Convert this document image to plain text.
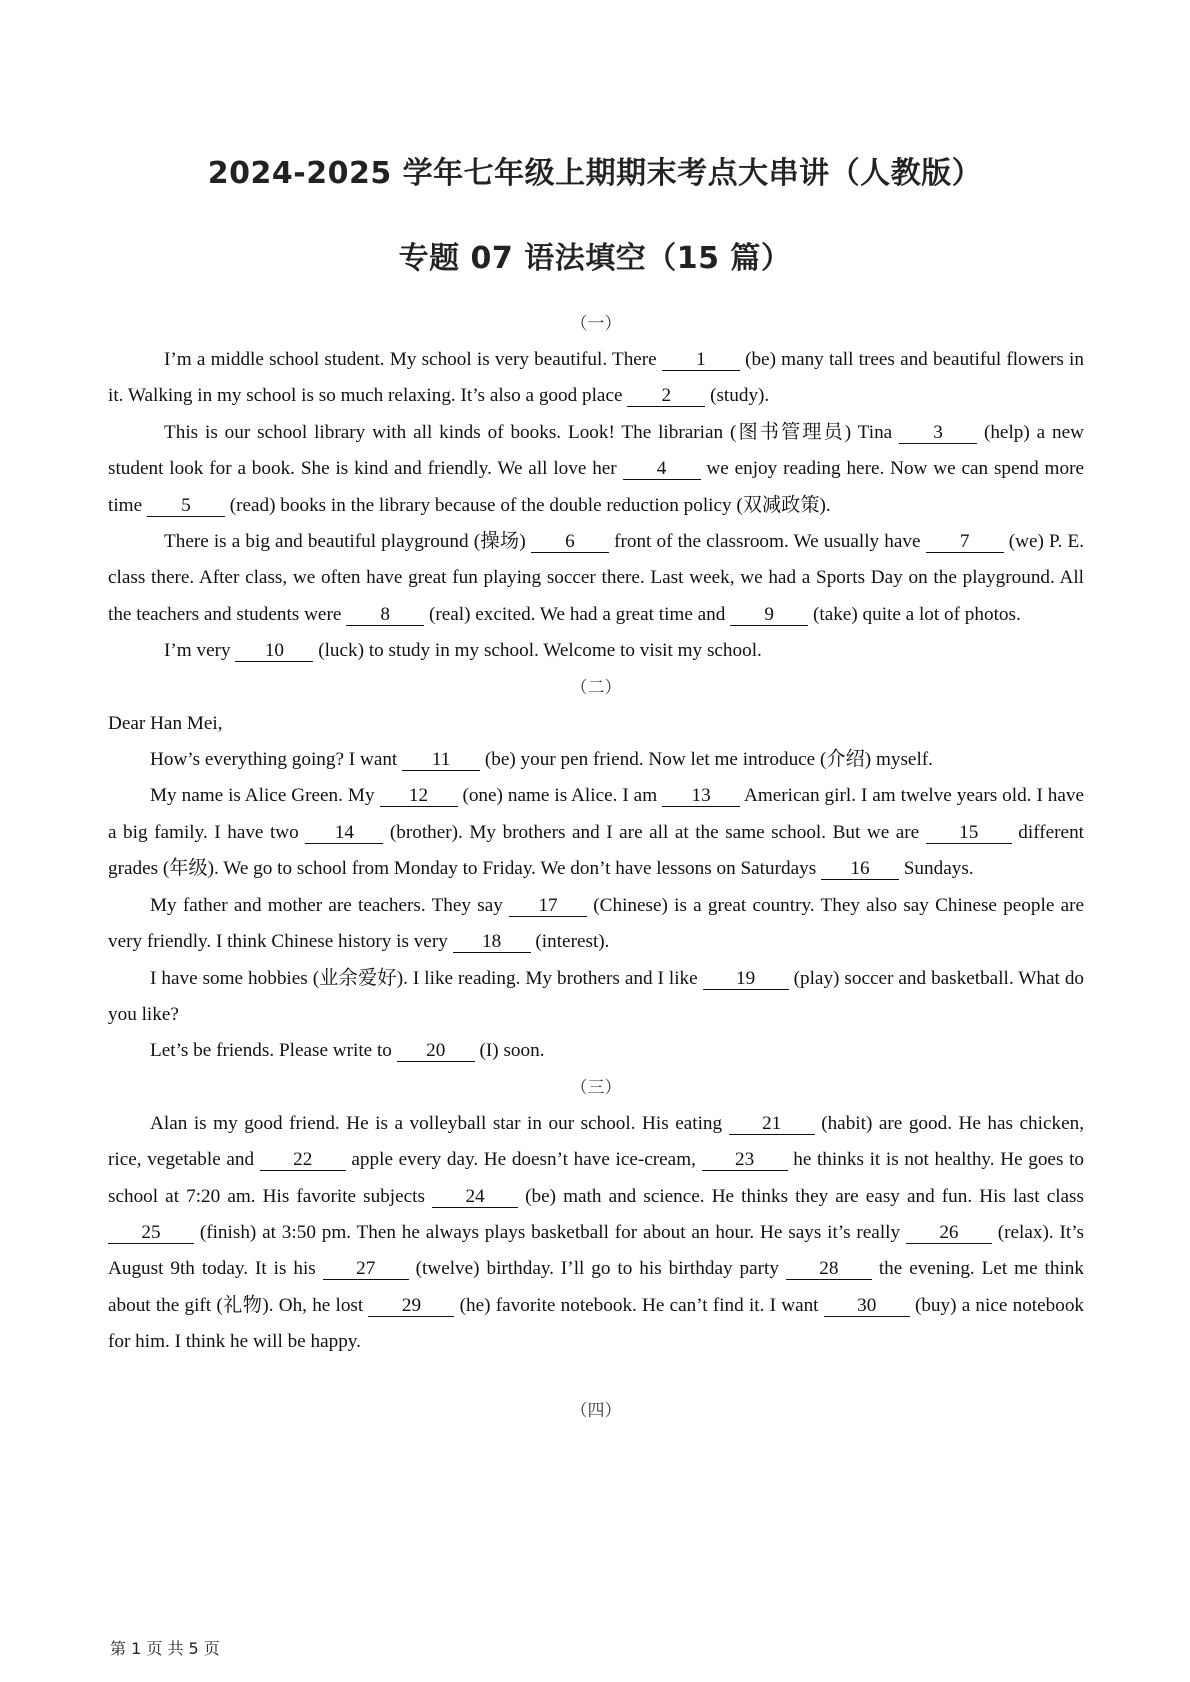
2024-2025 学年七年级上期期末考点大串讲（人教版）
专题 07 语法填空（15 篇）
（一）

I’m a middle school student. My school is very beautiful. There 1 (be) many tall trees and beautiful flowers in it. Walking in my school is so much relaxing. It’s also a good place 2 (study).

This is our school library with all kinds of books. Look! The librarian (图书管理员) Tina 3 (help) a new student look for a book. She is kind and friendly. We all love her 4 we enjoy reading here. Now we can spend more time 5 (read) books in the library because of the double reduction policy (双减政策).

There is a big and beautiful playground (操场) 6 front of the classroom. We usually have 7 (we) P. E. class there. After class, we often have great fun playing soccer there. Last week, we had a Sports Day on the playground. All the teachers and students were 8 (real) excited. We had a great time and 9 (take) quite a lot of photos.

I’m very 10 (luck) to study in my school. Welcome to visit my school.

（二）

Dear Han Mei,

How’s everything going? I want 11 (be) your pen friend. Now let me introduce (介绍) myself.

My name is Alice Green. My 12 (one) name is Alice. I am 13 American girl. I am twelve years old. I have a big family. I have two 14 (brother). My brothers and I are all at the same school. But we are 15 different grades (年级). We go to school from Monday to Friday. We don’t have lessons on Saturdays 16 Sundays.

My father and mother are teachers. They say 17 (Chinese) is a great country. They also say Chinese people are very friendly. I think Chinese history is very 18 (interest).

I have some hobbies (业余爱好). I like reading. My brothers and I like 19 (play) soccer and basketball. What do you like?

Let’s be friends. Please write to 20 (I) soon.

（三）

Alan is my good friend. He is a volleyball star in our school. His eating 21 (habit) are good. He has chicken, rice, vegetable and 22 apple every day. He doesn’t have ice-cream, 23 he thinks it is not healthy. He goes to school at 7:20 am. His favorite subjects 24 (be) math and science. He thinks they are easy and fun. His last class 25 (finish) at 3:50 pm. Then he always plays basketball for about an hour. He says it’s really 26 (relax). It’s August 9th today. It is his 27 (twelve) birthday. I’ll go to his birthday party 28 the evening. Let me think about the gift (礼物). Oh, he lost 29 (he) favorite notebook. He can’t find it. I want 30 (buy) a nice notebook for him. I think he will be happy.

（四）
第 1 页 共 5 页
